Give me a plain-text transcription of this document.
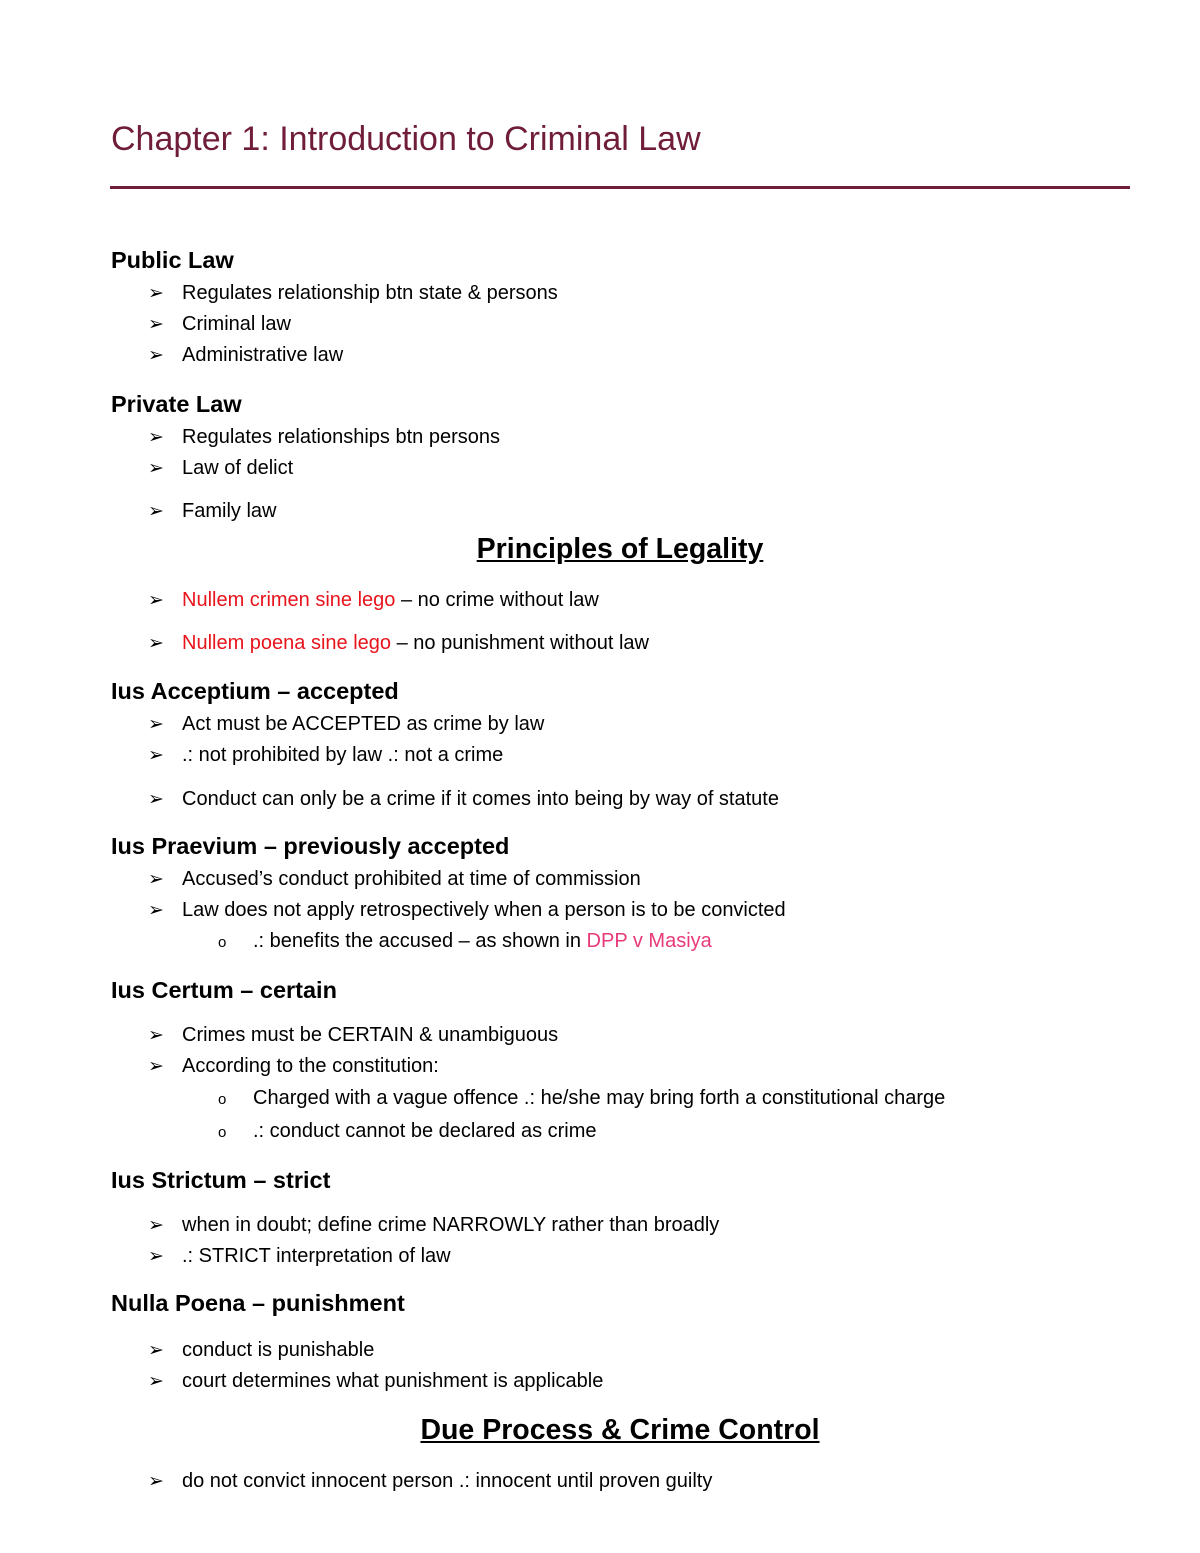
Chapter 1: Introduction to Criminal Law
Public Law
➢ Regulates relationship btn state & persons
➢ Criminal law
➢ Administrative law
Private Law
➢ Regulates relationships btn persons
➢ Law of delict
➢ Family law
Principles of Legality
➢ Nullem crimen sine lego – no crime without law
➢ Nullem poena sine lego – no punishment without law
Ius Acceptium – accepted
➢ Act must be ACCEPTED as crime by law
➢ .: not prohibited by law .: not a crime
➢ Conduct can only be a crime if it comes into being by way of statute
Ius Praevium – previously accepted
➢ Accused’s conduct prohibited at time of commission
➢ Law does not apply retrospectively when a person is to be convicted
o .: benefits the accused – as shown in DPP v Masiya
Ius Certum – certain
➢ Crimes must be CERTAIN & unambiguous
➢ According to the constitution:
o Charged with a vague offence .: he/she may bring forth a constitutional charge
o .: conduct cannot be declared as crime
Ius Strictum – strict
➢ when in doubt; define crime NARROWLY rather than broadly
➢ .: STRICT interpretation of law
Nulla Poena – punishment
➢ conduct is punishable
➢ court determines what punishment is applicable
Due Process & Crime Control
➢ do not convict innocent person .: innocent until proven guilty
